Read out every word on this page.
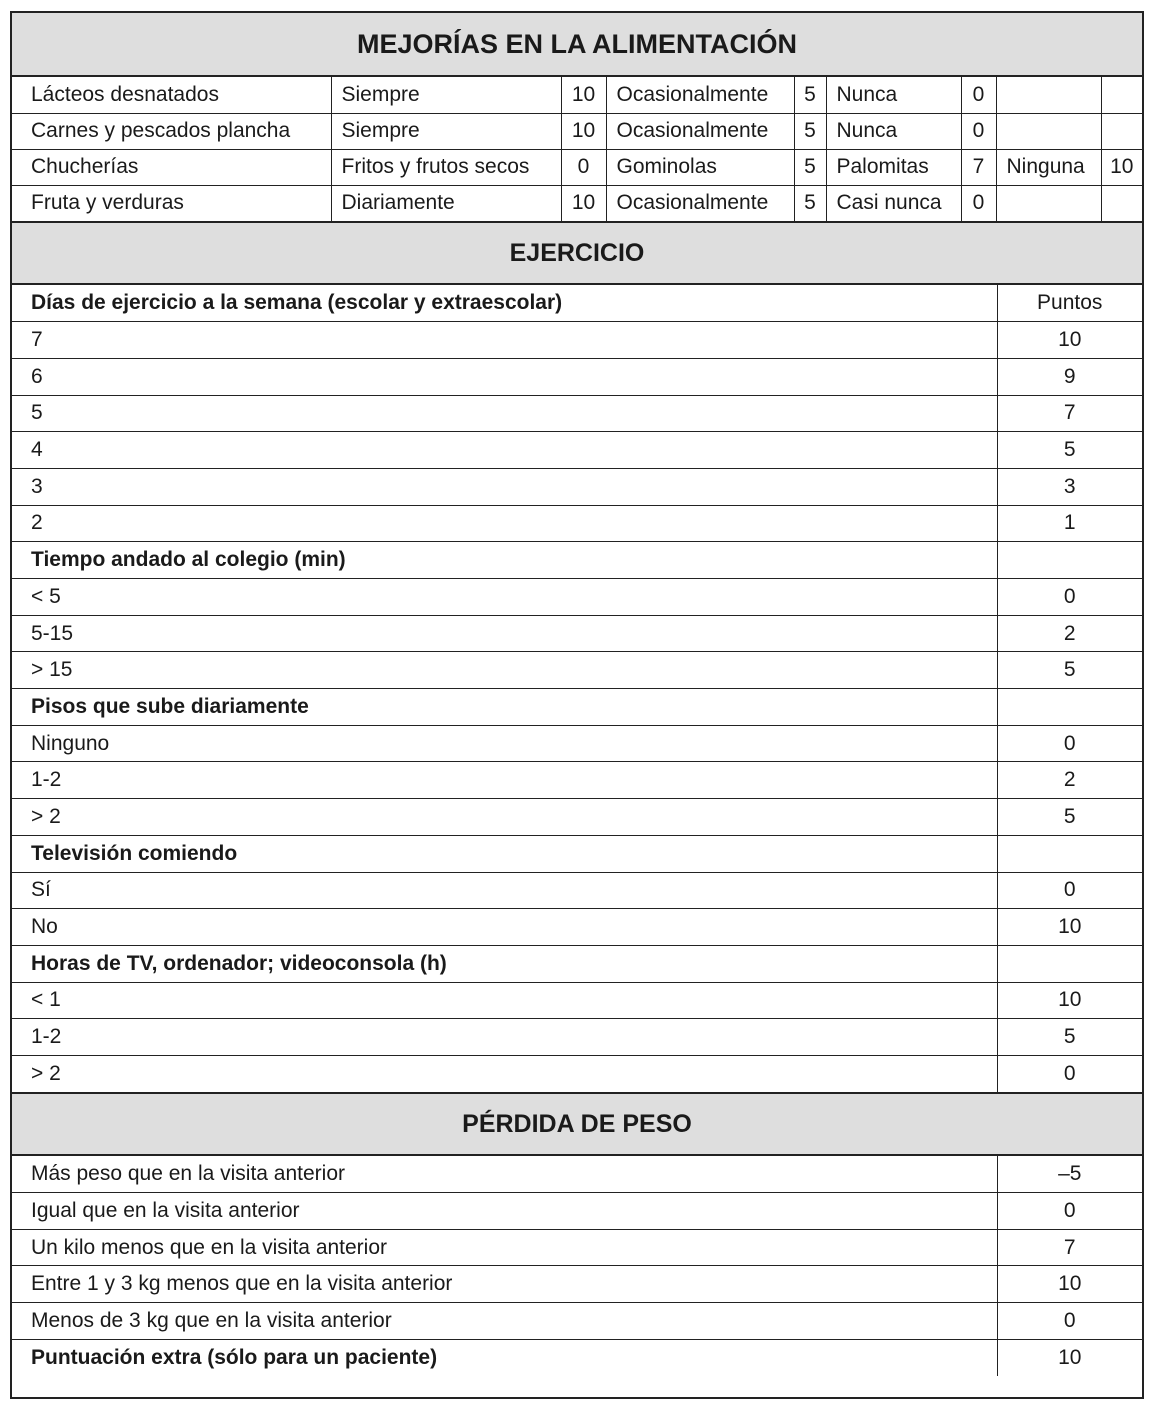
MEJORÍAS EN LA ALIMENTACIÓN
Lácteos desnatados	Siempre	10	Ocasionalmente	5	Nunca	0		
Carnes y pescados plancha	Siempre	10	Ocasionalmente	5	Nunca	0		
Chucherías	Fritos y frutos secos	0	Gominolas	5	Palomitas	7	Ninguna	10
Fruta y verduras	Diariamente	10	Ocasionalmente	5	Casi nunca	0		
EJERCICIO
Días de ejercicio a la semana (escolar y extraescolar)	Puntos
7	10
6	9
5	7
4	5
3	3
2	1
Tiempo andado al colegio (min)	
< 5	0
5-15	2
> 15	5
Pisos que sube diariamente	
Ninguno	0
1-2	2
> 2	5
Televisión comiendo	
Sí	0
No	10
Horas de TV, ordenador; videoconsola (h)	
< 1	10
1-2	5
> 2	0
PÉRDIDA DE PESO
Más peso que en la visita anterior	–5
Igual que en la visita anterior	0
Un kilo menos que en la visita anterior	7
Entre 1 y 3 kg menos que en la visita anterior	10
Menos de 3 kg que en la visita anterior	0
Puntuación extra (sólo para un paciente)	10
